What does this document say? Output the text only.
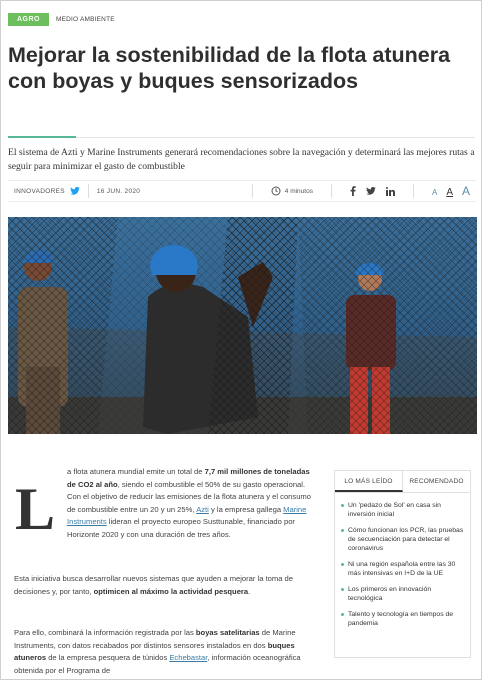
AGRO	MEDIO AMBIENTE
Mejorar la sostenibilidad de la flota atunera con boyas y buques sensorizados

El sistema de Azti y Marine Instruments generará recomendaciones sobre la navegación y determinará las mejores rutas a seguir para minimizar el gasto de combustible

INNOVADORES	16 JUN. 2020	4 minutos	A A A
L

a flota atunera mundial emite un total de 7,7 mil millones de toneladas de CO2 al año, siendo el combustible el 50% de su gasto operacional. Con el objetivo de reducir las emisiones de la flota atunera y el consumo de combustible entre un 20 y un 25%, Azti y la empresa gallega Marine Instruments lideran el proyecto europeo Susttunable, financiado por Horizonte 2020 y con una duración de tres años.

Esta iniciativa busca desarrollar nuevos sistemas que ayuden a mejorar la toma de decisiones y, por tanto, optimicen al máximo la actividad pesquera.

Para ello, combinará la información registrada por las boyas satelitarias de Marine Instruments, con datos recabados por distintos sensores instalados en dos buques atuneros de la empresa pesquera de túnidos Echebastar, información oceanográfica obtenida por el Programa de

LO MÁS LEÍDO	RECOMENDADO
Un 'pedazo de Sol' en casa sin inversión inicial
Cómo funcionan los PCR, las pruebas de secuenciación para detectar el coronavirus
Ni una región española entre las 30 más intensivas en I+D de la UE
Los primeros en innovación tecnológica
Talento y tecnología en tiempos de pandemia
